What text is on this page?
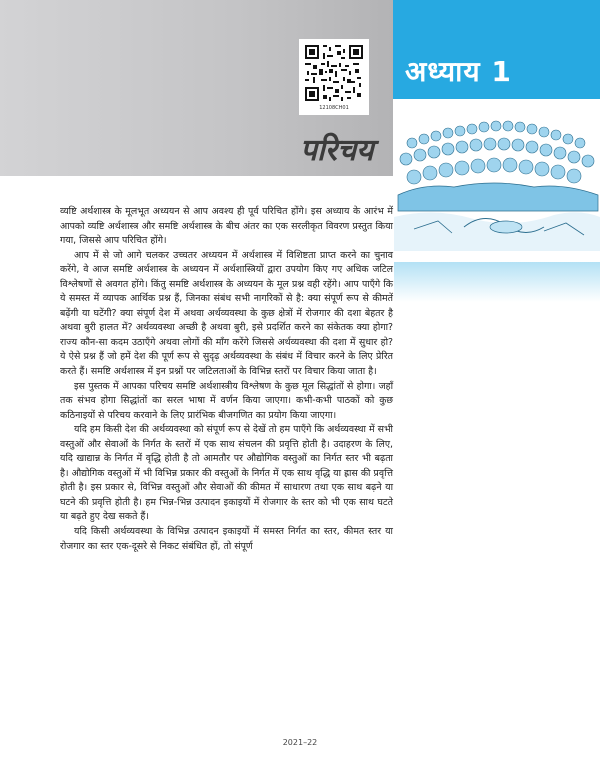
अध्याय 1
12108CH01
परिचय

व्यष्टि अर्थशास्त्र के मूलभूत अध्ययन से आप अवश्य ही पूर्व परिचित होंगे। इस अध्याय के आरंभ में आपको व्यष्टि अर्थशास्त्र और समष्टि अर्थशास्त्र के बीच अंतर का एक सरलीकृत विवरण प्रस्तुत किया गया, जिससे आप परिचित होंगे।

आप में से जो आगे चलकर उच्चतर अध्ययन में अर्थशास्त्र में विशिष्टता प्राप्त करने का चुनाव करेंगे, वे आज समष्टि अर्थशास्त्र के अध्ययन में अर्थशास्त्रियों द्वारा उपयोग किए गए अधिक जटिल विश्लेषणों से अवगत होंगे। किंतु समष्टि अर्थशास्त्र के अध्ययन के मूल प्रश्न वही रहेंगे। आप पाएँगे कि ये समस्त में व्यापक आर्थिक प्रश्न हैं, जिनका संबंध सभी नागरिकों से है: क्या संपूर्ण रूप से कीमतें बढ़ेंगी या घटेंगी? क्या संपूर्ण देश में अथवा अर्थव्यवस्था के कुछ क्षेत्रों में रोजगार की दशा बेहतर है अथवा बुरी हालत में? अर्थव्यवस्था अच्छी है अथवा बुरी, इसे प्रदर्शित करने का संकेतक क्या होगा? राज्य कौन-सा कदम उठाएँगे अथवा लोगों की माँग करेंगे जिससे अर्थव्यवस्था की दशा में सुधार हो? ये ऐसे प्रश्न हैं जो हमें देश की पूर्ण रूप से सुदृढ़ अर्थव्यवस्था के संबंध में विचार करने के लिए प्रेरित करते हैं। समष्टि अर्थशास्त्र में इन प्रश्नों पर जटिलताओं के विभिन्न स्तरों पर विचार किया जाता है।

इस पुस्तक में आपका परिचय समष्टि अर्थशास्त्रीय विश्लेषण के कुछ मूल सिद्धांतों से होगा। जहाँ तक संभव होगा सिद्धांतों का सरल भाषा में वर्णन किया जाएगा। कभी-कभी पाठकों को कुछ कठिनाइयों से परिचय करवाने के लिए प्रारंभिक बीजगणित का प्रयोग किया जाएगा।

यदि हम किसी देश की अर्थव्यवस्था को संपूर्ण रूप से देखें तो हम पाएँगे कि अर्थव्यवस्था में सभी वस्तुओं और सेवाओं के निर्गत के स्तरों में एक साथ संचलन की प्रवृत्ति होती है। उदाहरण के लिए, यदि खाद्यान्न के निर्गत में वृद्धि होती है तो आमतौर पर औद्योगिक वस्तुओं का निर्गत स्तर भी बढ़ता है। औद्योगिक वस्तुओं में भी विभिन्न प्रकार की वस्तुओं के निर्गत में एक साथ वृद्धि या ह्रास की प्रवृत्ति होती है। इस प्रकार से, विभिन्न वस्तुओं और सेवाओं की कीमत में साधारण तथा एक साथ बढ़ने या घटने की प्रवृत्ति होती है। हम भिन्न-भिन्न उत्पादन इकाइयों में रोजगार के स्तर को भी एक साथ घटते या बढ़ते हुए देख सकते हैं।

यदि किसी अर्थव्यवस्था के विभिन्न उत्पादन इकाइयों में समस्त निर्गत का स्तर, कीमत स्तर या रोजगार का स्तर एक-दूसरे से निकट संबंधित हों, तो संपूर्ण

2021–22
